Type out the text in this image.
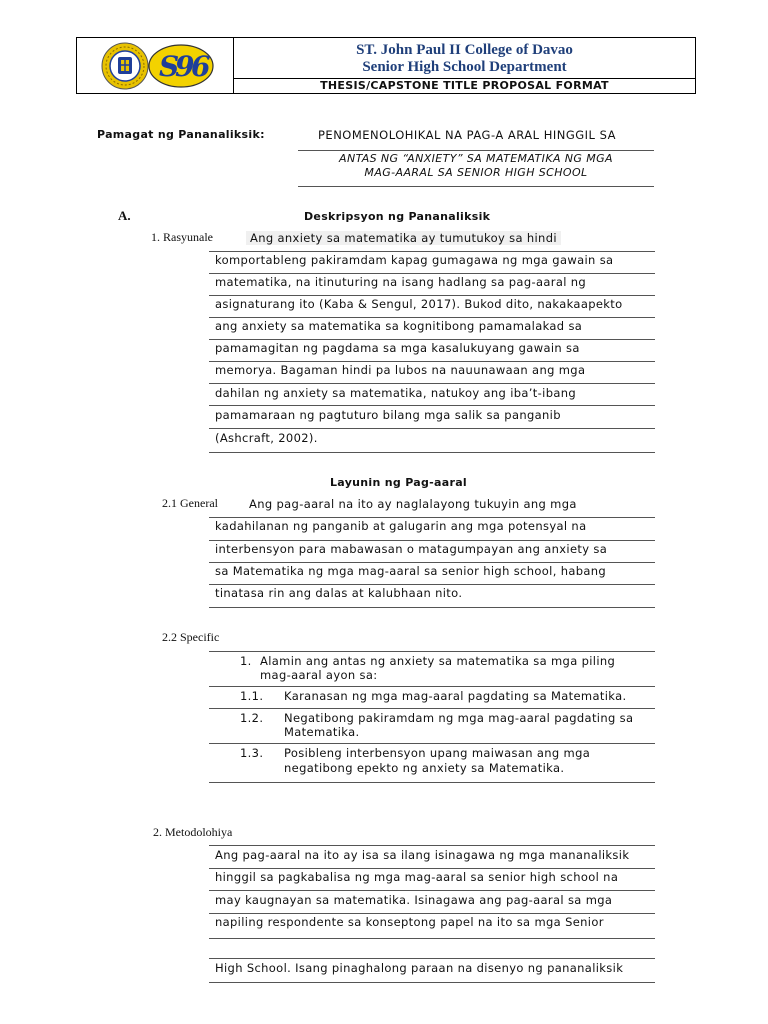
S
9
6	ST. John Paul II College of Davao
Senior High School Department
THESIS/CAPSTONE TITLE PROPOSAL FORMAT
Pamagat ng Pananaliksik:	PENOMENOLOHIKAL NA PAG-A ARAL HINGGIL SA
ANTAS NG “ANXIETY” SA MATEMATIKA NG MGA
MAG-AARAL SA SENIOR HIGH SCHOOL
A.	Deskripsyon ng Pananaliksik
1. Rasyunale	Ang anxiety sa matematika ay tumutukoy sa hindi
komportableng pakiramdam kapag gumagawa ng mga gawain sa
matematika, na itinuturing na isang hadlang sa pag-aaral ng
asignaturang ito (Kaba & Sengul, 2017). Bukod dito, nakakaapekto
ang anxiety sa matematika sa kognitibong pamamalakad sa
pamamagitan ng pagdama sa mga kasalukuyang gawain sa
memorya. Bagaman hindi pa lubos na nauunawaan ang mga
dahilan ng anxiety sa matematika, natukoy ang iba’t-ibang
pamamaraan ng pagtuturo bilang mga salik sa panganib
(Ashcraft, 2002).
Layunin ng Pag-aaral
2.1 General	Ang pag-aaral na ito ay naglalayong tukuyin ang mga
kadahilanan ng panganib at galugarin ang mga potensyal na
interbensyon para mabawasan o matagumpayan ang anxiety sa
sa Matematika ng mga mag-aaral sa senior high school, habang
tinatasa rin ang dalas at kalubhaan nito.
2.2 Specific
1. Alamin ang antas ng anxiety sa matematika sa mga piling
mag-aaral ayon sa:
1.1. Karanasan ng mga mag-aaral pagdating sa Matematika.
1.2. Negatibong pakiramdam ng mga mag-aaral pagdating sa
Matematika.
1.3. Posibleng interbensyon upang maiwasan ang mga
negatibong epekto ng anxiety sa Matematika.
2. Metodolohiya
Ang pag-aaral na ito ay isa sa ilang isinagawa ng mga mananaliksik
hinggil sa pagkabalisa ng mga mag-aaral sa senior high school na
may kaugnayan sa matematika. Isinagawa ang pag-aaral sa mga
napiling respondente sa konseptong papel na ito sa mga Senior
High School. Isang pinaghalong paraan na disenyo ng pananaliksik
